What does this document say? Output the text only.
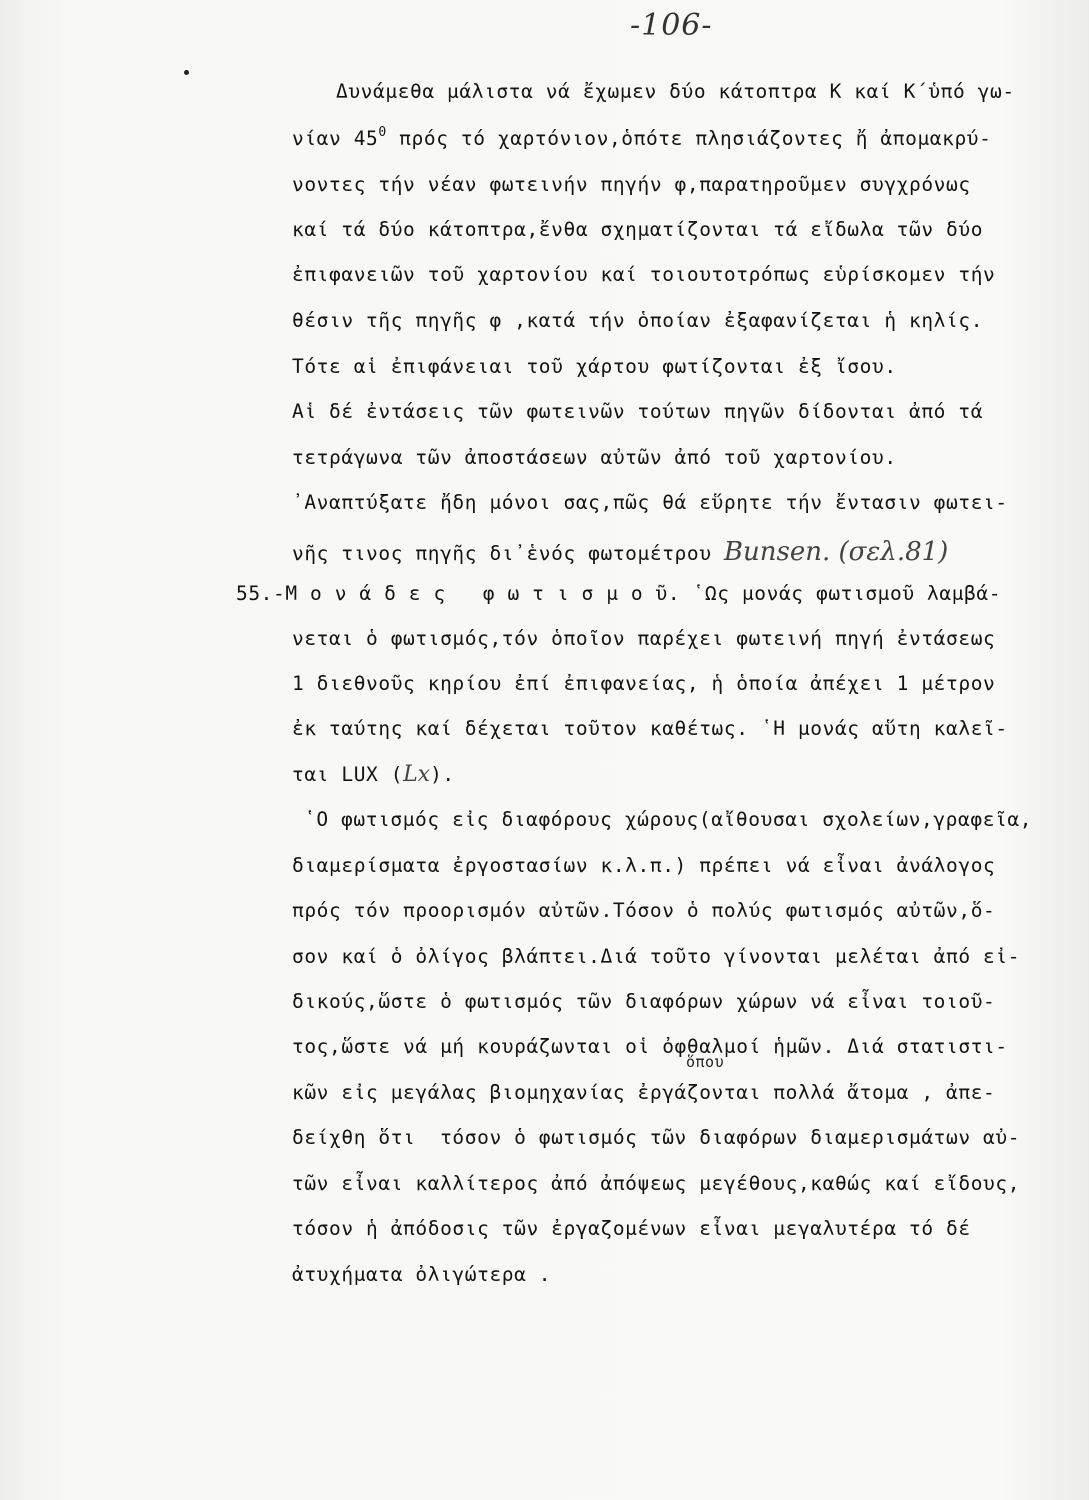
-106-
Δυνάμεθα μάλιστα νά ἔχωμεν δύο κάτοπτρα Κ καί Κ΄ὑπό γω-
νίαν $45^0$ πρός τό χαρτόνιον,ὁπότε πλησιάζοντες ἤ ἀπομακρύ-
νοντες τήν νέαν φωτεινήν πηγήν φ,παρατηροῦμεν συγχρόνως
καί τά δύο κάτοπτρα,ἔνθα σχηματίζονται τά εἴδωλα τῶν δύο
ἐπιφανειῶν τοῦ χαρτονίου καί τοιουτοτρόπως εὑρίσκομεν τήν
θέσιν τῆς πηγῆς φ ,κατά τήν ὁποίαν ἐξαφανίζεται ἡ κηλίς.
Τότε αἱ ἐπιφάνειαι τοῦ χάρτου φωτίζονται ἐξ ἴσου.
Αἱ δέ ἐντάσεις τῶν φωτεινῶν τούτων πηγῶν δίδονται ἀπό τά
τετράγωνα τῶν ἀποστάσεων αὐτῶν ἀπό τοῦ χαρτονίου.
᾿Αναπτύξατε ἤδη μόνοι σας,πῶς θά εὕρητε τήν ἔντασιν φωτει-
νῆς τινος πηγῆς δι᾿ἑνός φωτομέτρου Bunsen. (σελ.81)
55.-Μ ο ν ά δ ε ς   φ ω τ ι σ μ ο ῦ. ῾Ως μονάς φωτισμοῦ λαμβά-
νεται ὁ φωτισμός,τόν ὁποῖον παρέχει φωτεινή πηγή ἐντάσεως
1 διεθνοῦς κηρίου ἐπί ἐπιφανείας, ἡ ὁποία ἀπέχει 1 μέτρον
ἐκ ταύτης καί δέχεται τοῦτον καθέτως. ῾Η μονάς αὕτη καλεῖ-
ται LUX (Lx).
῾Ο φωτισμός εἰς διαφόρους χώρους(αἴθουσαι σχολείων,γραφεῖα,
διαμερίσματα ἐργοστασίων κ.λ.π.) πρέπει νά εἶναι ἀνάλογος
πρός τόν προορισμόν αὐτῶν.Τόσον ὁ πολύς φωτισμός αὐτῶν,ὅ-
σον καί ὁ ὀλίγος βλάπτει.Διά τοῦτο γίνονται μελέται ἀπό εἰ-
δικούς,ὥστε ὁ φωτισμός τῶν διαφόρων χώρων νά εἶναι τοιοῦ-
τος,ὥστε νά μή κουράζωνται οἱ ὀφθαλμοί ἡμῶν. Διά στατιστι-
ὅπου
κῶν εἰς μεγάλας βιομηχανίας ἐργάζονται πολλά ἄτομα , ἀπε-
δείχθη ὅτι  τόσον ὁ φωτισμός τῶν διαφόρων διαμερισμάτων αὐ-
τῶν εἶναι καλλίτερος ἀπό ἀπόψεως μεγέθους,καθώς καί εἴδους,
τόσον ἡ ἀπόδοσις τῶν ἐργαζομένων εἶναι μεγαλυτέρα τό δέ
ἀτυχήματα ὀλιγώτερα .
